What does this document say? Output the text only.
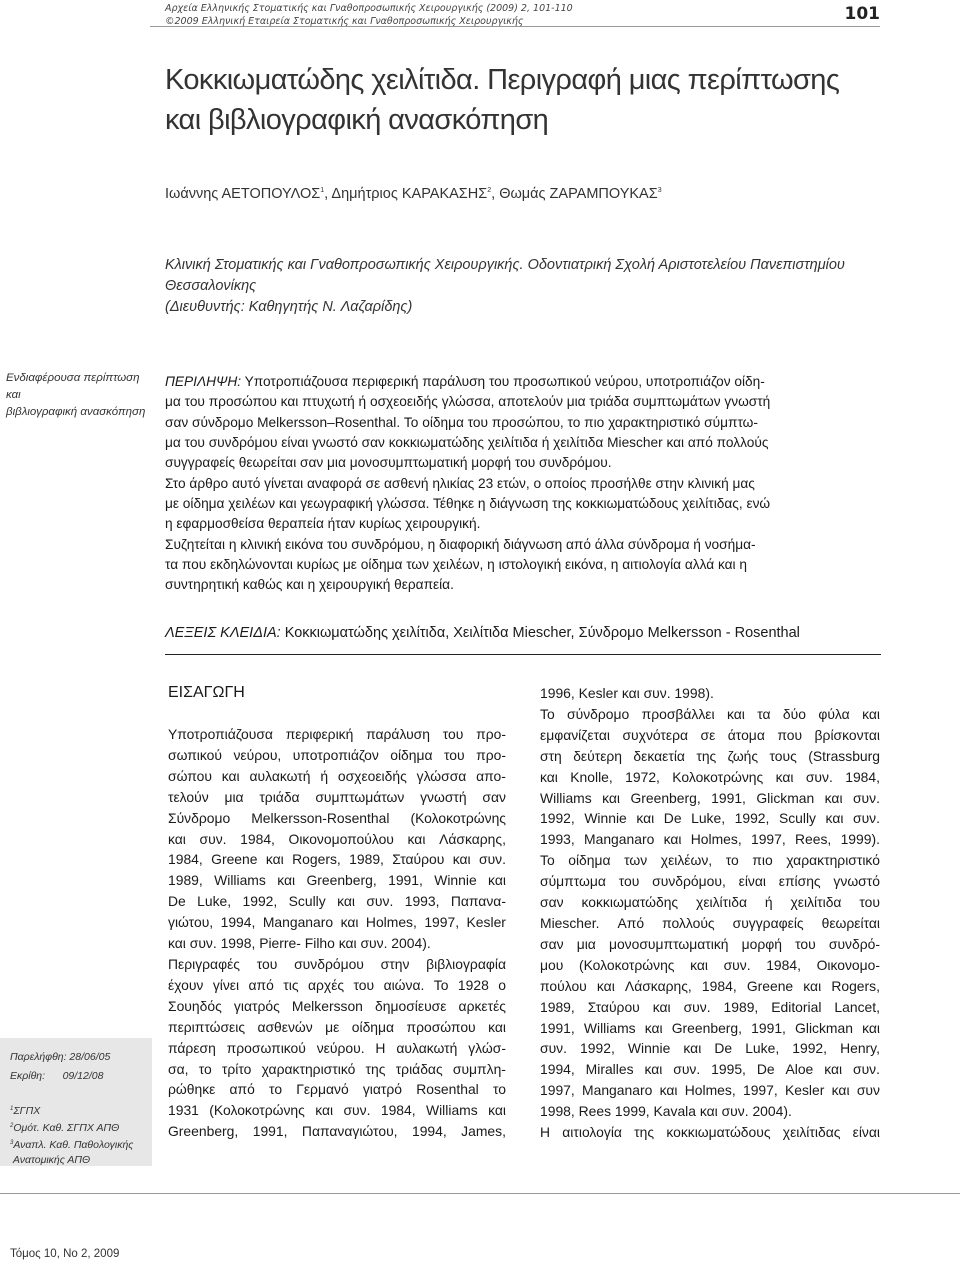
Αρχεία Ελληνικής Στοματικής και Γναθοπροσωπικής Χειρουργικής (2009) 2, 101-110
©2009 Ελληνική Εταιρεία Στοματικής και Γναθοπροσωπικής Χειρουργικής	101
Κοκκιωματώδης χειλίτιδα. Περιγραφή μιας περίπτωσης
και βιβλιογραφική ανασκόπηση
Ιωάννης ΑΕΤΟΠΟΥΛΟΣ$^1$, Δημήτριος ΚΑΡΑΚΑΣΗΣ$^2$, Θωμάς ΖΑΡΑΜΠΟΥΚΑΣ$^3$
Κλινική Στοματικής και Γναθοπροσωπικής Χειρουργικής. Οδοντιατρική Σχολή Αριστοτελείου Πανεπιστημίου
Θεσσαλονίκης
(Διευθυντής: Καθηγητής Ν. Λαζαρίδης)
Ενδιαφέρουσα περίπτωση και
βιβλιογραφική ανασκόπηση
ΠΕΡΙΛΗΨΗ: Υποτροπιάζουσα περιφερική παράλυση του προσωπικού νεύρου, υποτροπιάζον οίδη-
μα του προσώπου και πτυχωτή ή οσχεοειδής γλώσσα, αποτελούν μια τριάδα συμπτωμάτων γνωστή
σαν σύνδρομο Melkersson–Rosenthal. Το οίδημα του προσώπου, το πιο χαρακτηριστικό σύμπτω-
μα του συνδρόμου είναι γνωστό σαν κοκκιωματώδης χειλίτιδα ή χειλίτιδα Miescher και από πολλούς
συγγραφείς θεωρείται σαν μια μονοσυμπτωματική μορφή του συνδρόμου.
Στο άρθρο αυτό γίνεται αναφορά σε ασθενή ηλικίας 23 ετών, ο οποίος προσήλθε στην κλινική μας
με οίδημα χειλέων και γεωγραφική γλώσσα. Τέθηκε η διάγνωση της κοκκιωματώδους χειλίτιδας, ενώ
η εφαρμοσθείσα θεραπεία ήταν κυρίως χειρουργική.
Συζητείται η κλινική εικόνα του συνδρόμου, η διαφορική διάγνωση από άλλα σύνδρομα ή νοσήμα-
τα που εκδηλώνονται κυρίως με οίδημα των χειλέων, η ιστολογική εικόνα, η αιτιολογία αλλά και η
συντηρητική καθώς και η χειρουργική θεραπεία.
ΛΕΞΕΙΣ ΚΛΕΙΔΙΑ: Κοκκιωματώδης χειλίτιδα, Χειλίτιδα Miescher, Σύνδρομο Melkersson - Rosenthal
ΕΙΣΑΓΩΓΗ
Υποτροπιάζουσα περιφερική παράλυση του προ-
σωπικού νεύρου, υποτροπιάζον οίδημα του προ-
σώπου και αυλακωτή ή οσχεοειδής γλώσσα απο-
τελούν μια τριάδα συμπτωμάτων γνωστή σαν
Σύνδρομο Melkersson-Rosenthal (Κολοκοτρώνης
και συν. 1984, Οικονομοπούλου και Λάσκαρης,
1984, Greene και Rogers, 1989, Σταύρου και συν.
1989, Williams και Greenberg, 1991, Winnie και
De Luke, 1992, Scully και συν. 1993, Παπανα-
γιώτου, 1994, Manganaro και Holmes, 1997, Kesler
και συν. 1998, Pierre- Filho και συν. 2004).
Περιγραφές του συνδρόμου στην βιβλιογραφία
έχουν γίνει από τις αρχές του αιώνα. Το 1928 ο
Σουηδός γιατρός Melkersson δημοσίευσε αρκετές
περιπτώσεις ασθενών με οίδημα προσώπου και
πάρεση προσωπικού νεύρου. Η αυλακωτή γλώσ-
σα, το τρίτο χαρακτηριστικό της τριάδας συμπλη-
ρώθηκε από το Γερμανό γιατρό Rosenthal το
1931 (Κολοκοτρώνης και συν. 1984, Williams και
Greenberg, 1991, Παπαναγιώτου, 1994, James,
1996, Kesler και συν. 1998).
Το σύνδρομο προσβάλλει και τα δύο φύλα και
εμφανίζεται συχνότερα σε άτομα που βρίσκονται
στη δεύτερη δεκαετία της ζωής τους (Strassburg
και Knolle, 1972, Κολοκοτρώνης και συν. 1984,
Williams και Greenberg, 1991, Glickman και συν.
1992, Winnie και De Luke, 1992, Scully και συν.
1993, Manganaro και Holmes, 1997, Rees, 1999).
Το οίδημα των χειλέων, το πιο χαρακτηριστικό
σύμπτωμα του συνδρόμου, είναι επίσης γνωστό
σαν κοκκιωματώδης χειλίτιδα ή χειλίτιδα του
Miescher. Από πολλούς συγγραφείς θεωρείται
σαν μια μονοσυμπτωματική μορφή του συνδρό-
μου (Κολοκοτρώνης και συν. 1984, Οικονομο-
πούλου και Λάσκαρης, 1984, Greene και Rogers,
1989, Σταύρου και συν. 1989, Editorial Lancet,
1991, Williams και Greenberg, 1991, Glickman και
συν. 1992, Winnie και De Luke, 1992, Henry,
1994, Miralles και συν. 1995, De Aloe και συν.
1997, Manganaro και Holmes, 1997, Kesler και συν
1998, Rees 1999, Kavala και συν. 2004).
Η αιτιολογία της κοκκιωματώδους χειλίτιδας είναι
Παρελήφθη: 28/06/05
Εκρίθη: 09/12/08
$^1$ΣΓΠΧ
$^2$Ομότ. Καθ. ΣΓΠΧ ΑΠΘ
$^3$Αναπλ. Καθ. Παθολογικής
Ανατομικής ΑΠΘ
Τόμος 10, Νο 2, 2009
